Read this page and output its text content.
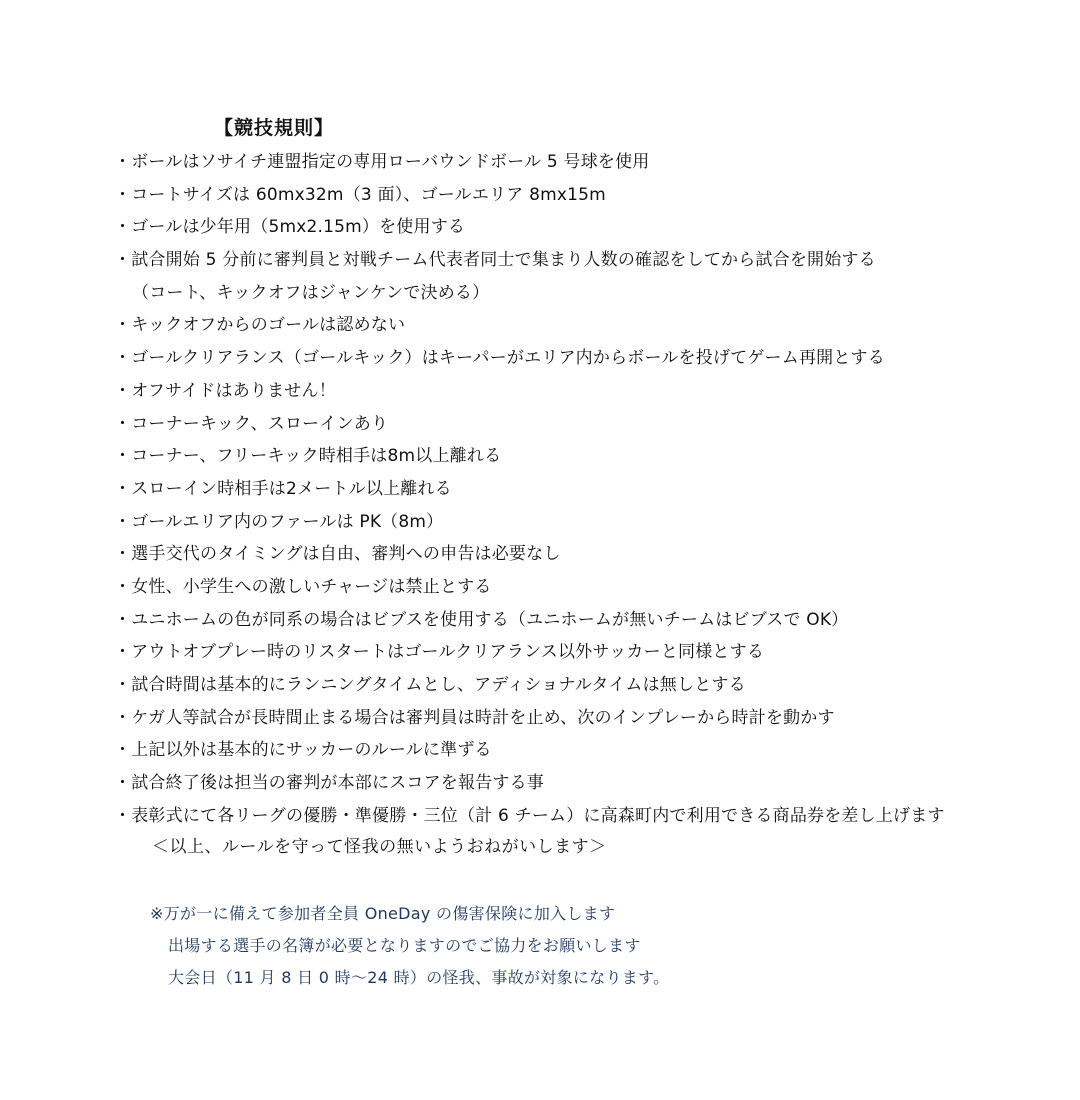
【競技規則】
・ボールはソサイチ連盟指定の専用ローバウンドボール 5 号球を使用
・コートサイズは 60mx32m（3 面）、ゴールエリア 8mx15m
・ゴールは少年用（5mx2.15m）を使用する
・試合開始 5 分前に審判員と対戦チーム代表者同士で集まり人数の確認をしてから試合を開始する
（コート、キックオフはジャンケンで決める）
・キックオフからのゴールは認めない
・ゴールクリアランス（ゴールキック）はキーパーがエリア内からボールを投げてゲーム再開とする
・オフサイドはありません！
・コーナーキック、スローインあり
・コーナー、フリーキック時相手は8m以上離れる
・スローイン時相手は2メートル以上離れる
・ゴールエリア内のファールは PK（8m）
・選手交代のタイミングは自由、審判への申告は必要なし
・女性、小学生への激しいチャージは禁止とする
・ユニホームの色が同系の場合はビブスを使用する（ユニホームが無いチームはビブスで OK）
・アウトオブプレー時のリスタートはゴールクリアランス以外サッカーと同様とする
・試合時間は基本的にランニングタイムとし、アディショナルタイムは無しとする
・ケガ人等試合が長時間止まる場合は審判員は時計を止め、次のインプレーから時計を動かす
・上記以外は基本的にサッカーのルールに準ずる
・試合終了後は担当の審判が本部にスコアを報告する事
・表彰式にて各リーグの優勝・準優勝・三位（計 6 チーム）に高森町内で利用できる商品券を差し上げます
＜以上、ルールを守って怪我の無いようおねがいします＞
※万が一に備えて参加者全員 OneDay の傷害保険に加入します
出場する選手の名簿が必要となりますのでご協力をお願いします
大会日（11 月 8 日 0 時～24 時）の怪我、事故が対象になります。
